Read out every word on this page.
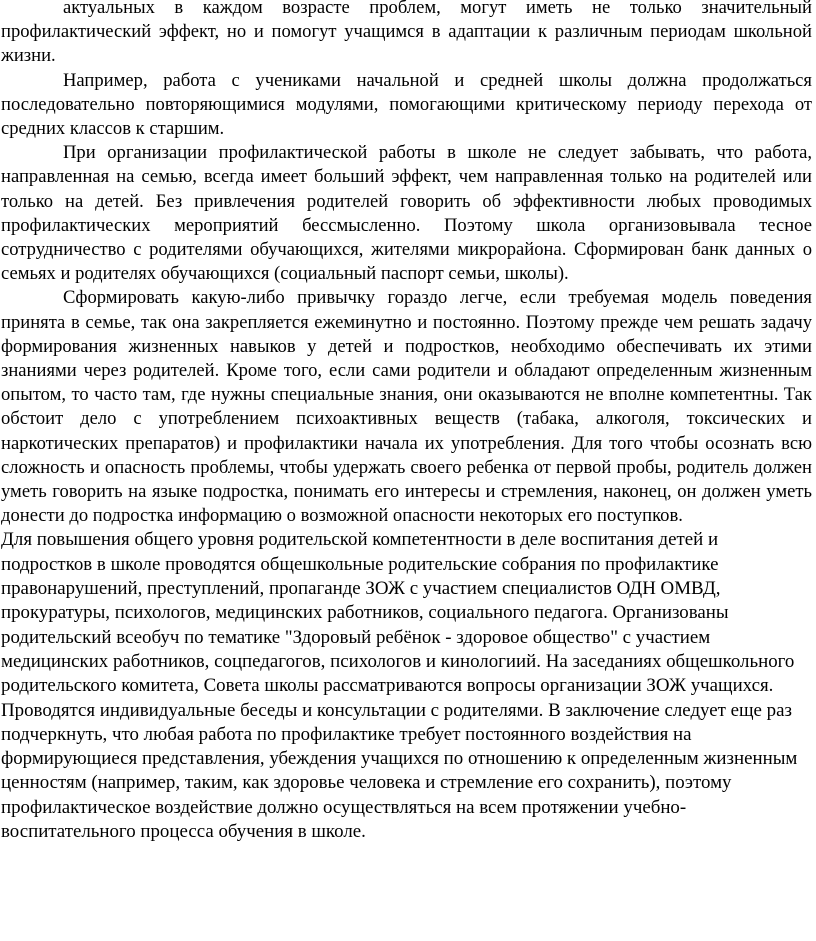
актуальных в каждом возрасте проблем, могут иметь не только значительный профилактический эффект, но и помогут учащимся в адаптации к различным периодам школьной жизни.

Например, работа с учениками начальной и средней школы должна продолжаться последовательно повторяющимися модулями, помогающими критическому периоду перехода от средних классов к старшим.

При организации профилактической работы в школе не следует забывать, что работа, направленная на семью, всегда имеет больший эффект, чем направленная только на родителей или только на детей. Без привлечения родителей говорить об эффективности любых проводимых профилактических мероприятий бессмысленно. Поэтому школа организовывала тесное сотрудничество с родителями обучающихся, жителями микрорайона. Сформирован банк данных о семьях и родителях обучающихся (социальный паспорт семьи, школы).

Сформировать какую-либо привычку гораздо легче, если требуемая модель поведения принята в семье, так она закрепляется ежеминутно и постоянно. Поэтому прежде чем решать задачу формирования жизненных навыков у детей и подростков, необходимо обеспечивать их этими знаниями через родителей. Кроме того, если сами родители и обладают определенным жизненным опытом, то часто там, где нужны специальные знания, они оказываются не вполне компетентны. Так обстоит дело с употреблением психоактивных веществ (табака, алкоголя, токсических и наркотических препаратов) и профилактики начала их употребления. Для того чтобы осознать всю сложность и опасность проблемы, чтобы удержать своего ребенка от первой пробы, родитель должен уметь говорить на языке подростка, понимать его интересы и стремления, наконец, он должен уметь донести до подростка информацию о возможной опасности некоторых его поступков.

Для повышения общего уровня родительской компетентности в деле воспитания детей и подростков в школе проводятся общешкольные родительские собрания по профилактике правонарушений, преступлений, пропаганде ЗОЖ с участием специалистов ОДН ОМВД, прокуратуры, психологов, медицинских работников, социального педагога. Организованы родительский всеобуч по тематике "Здоровый ребёнок - здоровое общество" с участием медицинских работников, соцпедагогов, психологов и кинологиий. На заседаниях общешкольного родительского комитета, Совета школы рассматриваются вопросы организации ЗОЖ учащихся. Проводятся индивидуальные беседы и консультации с родителями. В заключение следует еще раз подчеркнуть, что любая работа по профилактике требует постоянного воздействия на формирующиеся представления, убеждения учащихся по отношению к определенным жизненным ценностям (например, таким, как здоровье человека и стремление его сохранить), поэтому профилактическое воздействие должно осуществляться на всем протяжении учебно-воспитательного процесса обучения в школе.
